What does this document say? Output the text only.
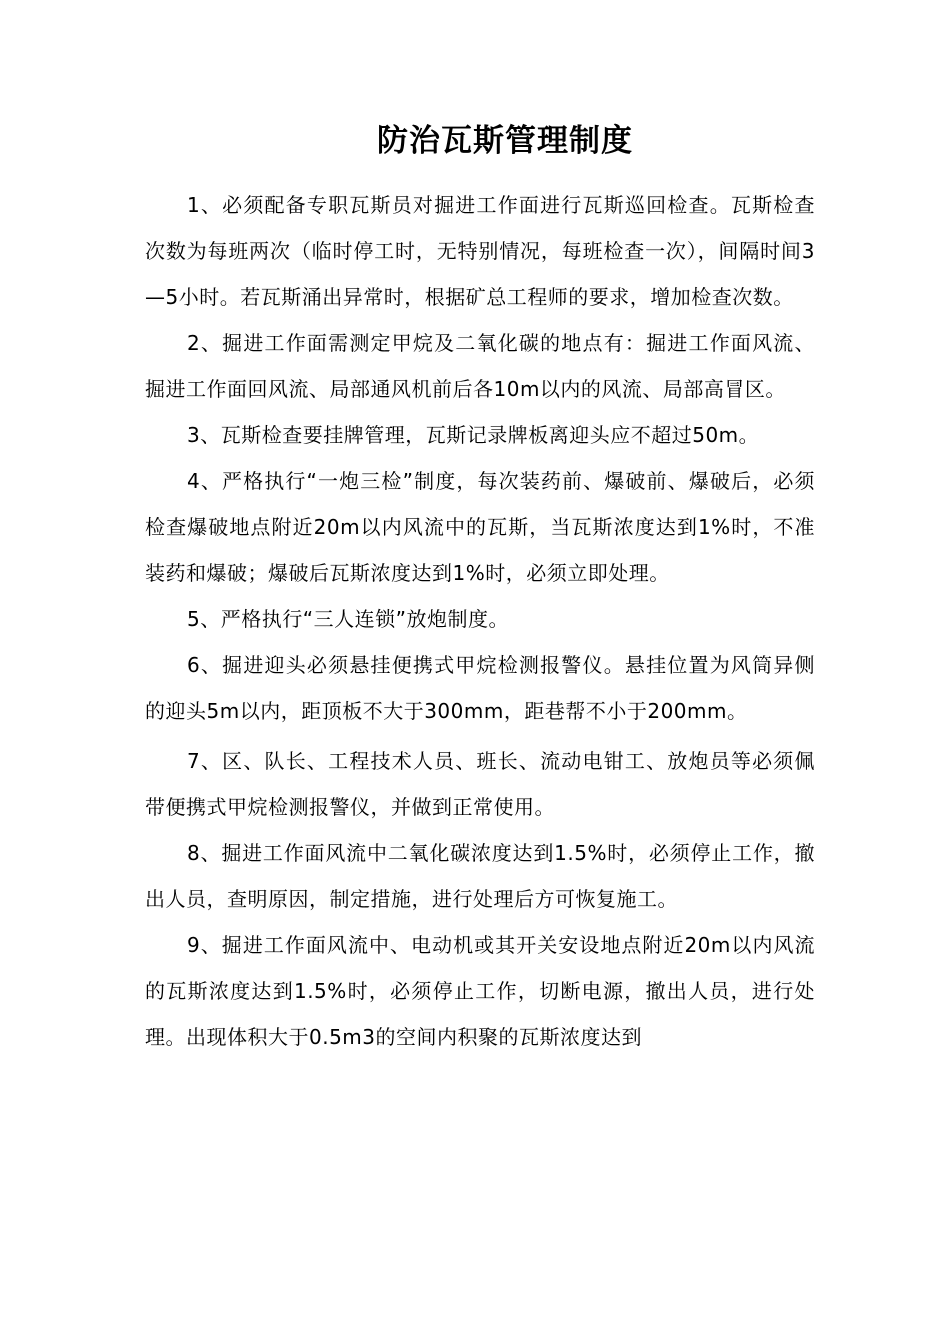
防治瓦斯管理制度

1、必须配备专职瓦斯员对掘进工作面进行瓦斯巡回检查。瓦斯检查次数为每班两次（临时停工时，无特别情况，每班检查一次），间隔时间3—5小时。若瓦斯涌出异常时，根据矿总工程师的要求，增加检查次数。

2、掘进工作面需测定甲烷及二氧化碳的地点有：掘进工作面风流、掘进工作面回风流、局部通风机前后各10m以内的风流、局部高冒区。

3、瓦斯检查要挂牌管理，瓦斯记录牌板离迎头应不超过50m。

4、严格执行“一炮三检”制度，每次装药前、爆破前、爆破后，必须检查爆破地点附近20m以内风流中的瓦斯，当瓦斯浓度达到1%时，不准装药和爆破；爆破后瓦斯浓度达到1%时，必须立即处理。

5、严格执行“三人连锁”放炮制度。

6、掘进迎头必须悬挂便携式甲烷检测报警仪。悬挂位置为风筒异侧的迎头5m以内，距顶板不大于300mm，距巷帮不小于200mm。

7、区、队长、工程技术人员、班长、流动电钳工、放炮员等必须佩带便携式甲烷检测报警仪，并做到正常使用。

8、掘进工作面风流中二氧化碳浓度达到1.5%时，必须停止工作，撤出人员，查明原因，制定措施，进行处理后方可恢复施工。

9、掘进工作面风流中、电动机或其开关安设地点附近20m以内风流的瓦斯浓度达到1.5%时，必须停止工作，切断电源，撤出人员，进行处理。出现体积大于0.5m3的空间内积聚的瓦斯浓度达到
